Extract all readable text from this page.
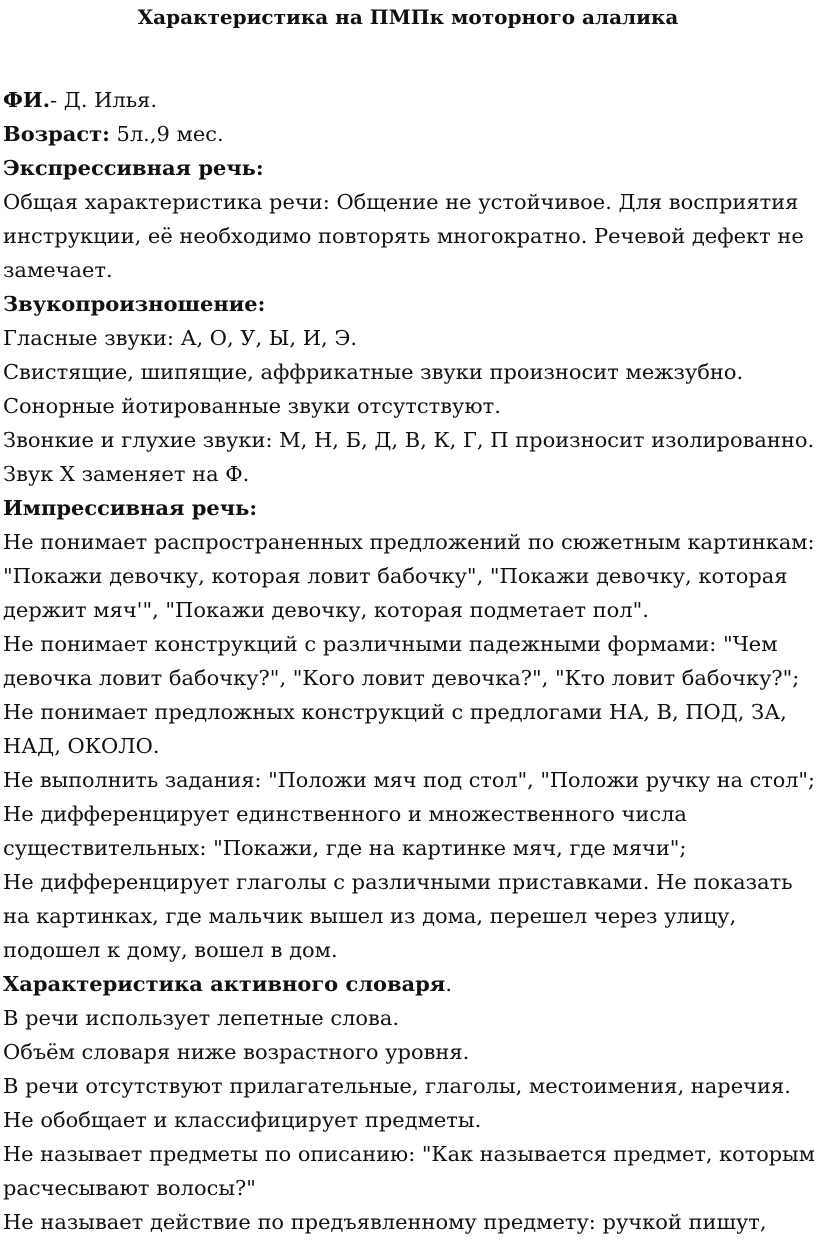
Характеристика на ПМПк моторного алалика
ФИ.- Д. Илья.
Возраст: 5л.,9 мес.
Экспрессивная речь:
Общая характеристика речи: Общение не устойчивое. Для восприятия
инструкции, её необходимо повторять многократно. Речевой дефект не
замечает.
Звукопроизношение:
Гласные звуки: А, О, У, Ы, И, Э.
Свистящие, шипящие, аффрикатные звуки произносит межзубно.
Сонорные йотированные звуки отсутствуют.
Звонкие и глухие звуки: М, Н, Б, Д, В, К, Г, П произносит изолированно.
Звук Х заменяет на Ф.
Импрессивная речь:
Не понимает распространенных предложений по сюжетным картинкам:
"Покажи девочку, которая ловит бабочку", "Покажи девочку, которая
держит мяч'", "Покажи девочку, которая подметает пол".
Не понимает конструкций с различными падежными формами: "Чем
девочка ловит бабочку?", "Кого ловит девочка?", "Кто ловит бабочку?";
Не понимает предложных конструкций с предлогами НА, В, ПОД, ЗА,
НАД, ОКОЛО.
Не выполнить задания: "Положи мяч под стол", "Положи ручку на стол";
Не дифференцирует единственного и множественного числа
существительных: "Покажи, где на картинке мяч, где мячи";
Не дифференцирует глаголы с различными приставками. Не показать
на картинках, где мальчик вышел из дома, перешел через улицу,
подошел к дому, вошел в дом.
Характеристика активного словаря.
В речи использует лепетные слова.
Объём словаря ниже возрастного уровня.
В речи отсутствуют прилагательные, глаголы, местоимения, наречия.
Не обобщает и классифицирует предметы.
Не называет предметы по описанию: "Как называется предмет, которым
расчесывают волосы?"
Не называет действие по предъявленному предмету: ручкой пишут,
